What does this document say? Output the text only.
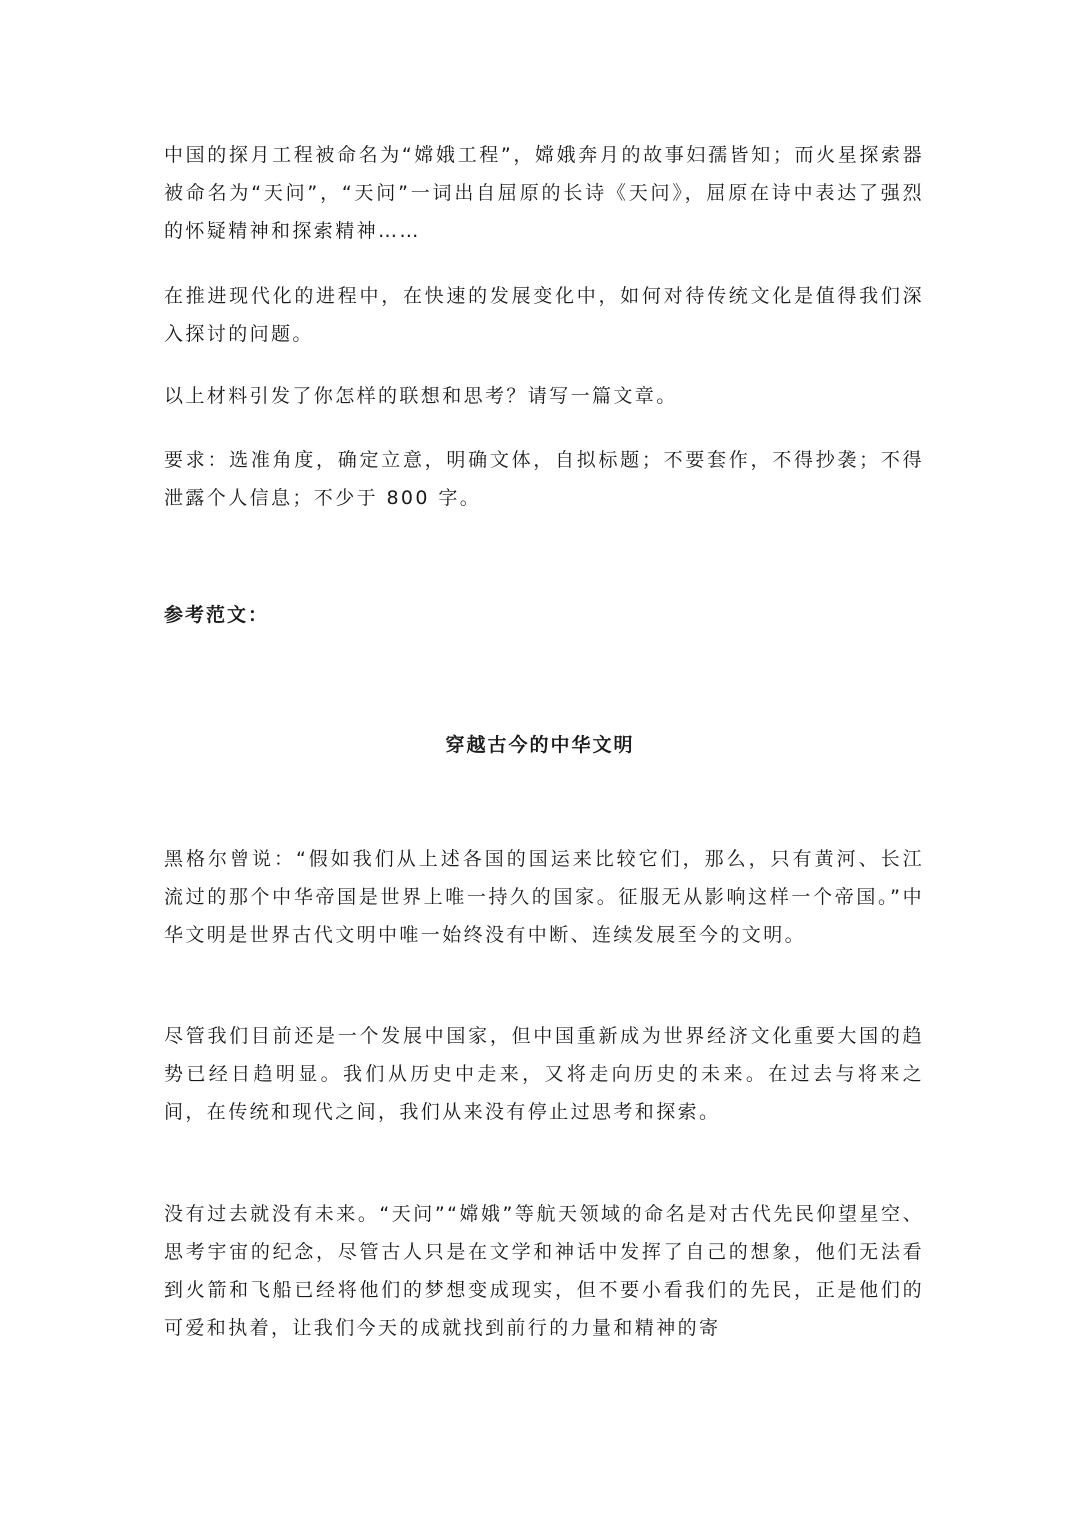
中国的探月工程被命名为“嫦娥工程”，嫦娥奔月的故事妇孺皆知；而火星探索器被命名为“天问”，“天问”一词出自屈原的长诗《天问》，屈原在诗中表达了强烈的怀疑精神和探索精神……

在推进现代化的进程中，在快速的发展变化中，如何对待传统文化是值得我们深入探讨的问题。

以上材料引发了你怎样的联想和思考？请写一篇文章。

要求：选准角度，确定立意，明确文体，自拟标题；不要套作，不得抄袭；不得泄露个人信息；不少于 800 字。

参考范文：

穿越古今的中华文明

黑格尔曾说：“假如我们从上述各国的国运来比较它们，那么，只有黄河、长江流过的那个中华帝国是世界上唯一持久的国家。征服无从影响这样一个帝国。”中华文明是世界古代文明中唯一始终没有中断、连续发展至今的文明。

尽管我们目前还是一个发展中国家，但中国重新成为世界经济文化重要大国的趋势已经日趋明显。我们从历史中走来，又将走向历史的未来。在过去与将来之间，在传统和现代之间，我们从来没有停止过思考和探索。

没有过去就没有未来。“天问”“嫦娥”等航天领域的命名是对古代先民仰望星空、思考宇宙的纪念，尽管古人只是在文学和神话中发挥了自己的想象，他们无法看到火箭和飞船已经将他们的梦想变成现实，但不要小看我们的先民，正是他们的可爱和执着，让我们今天的成就找到前行的力量和精神的寄
